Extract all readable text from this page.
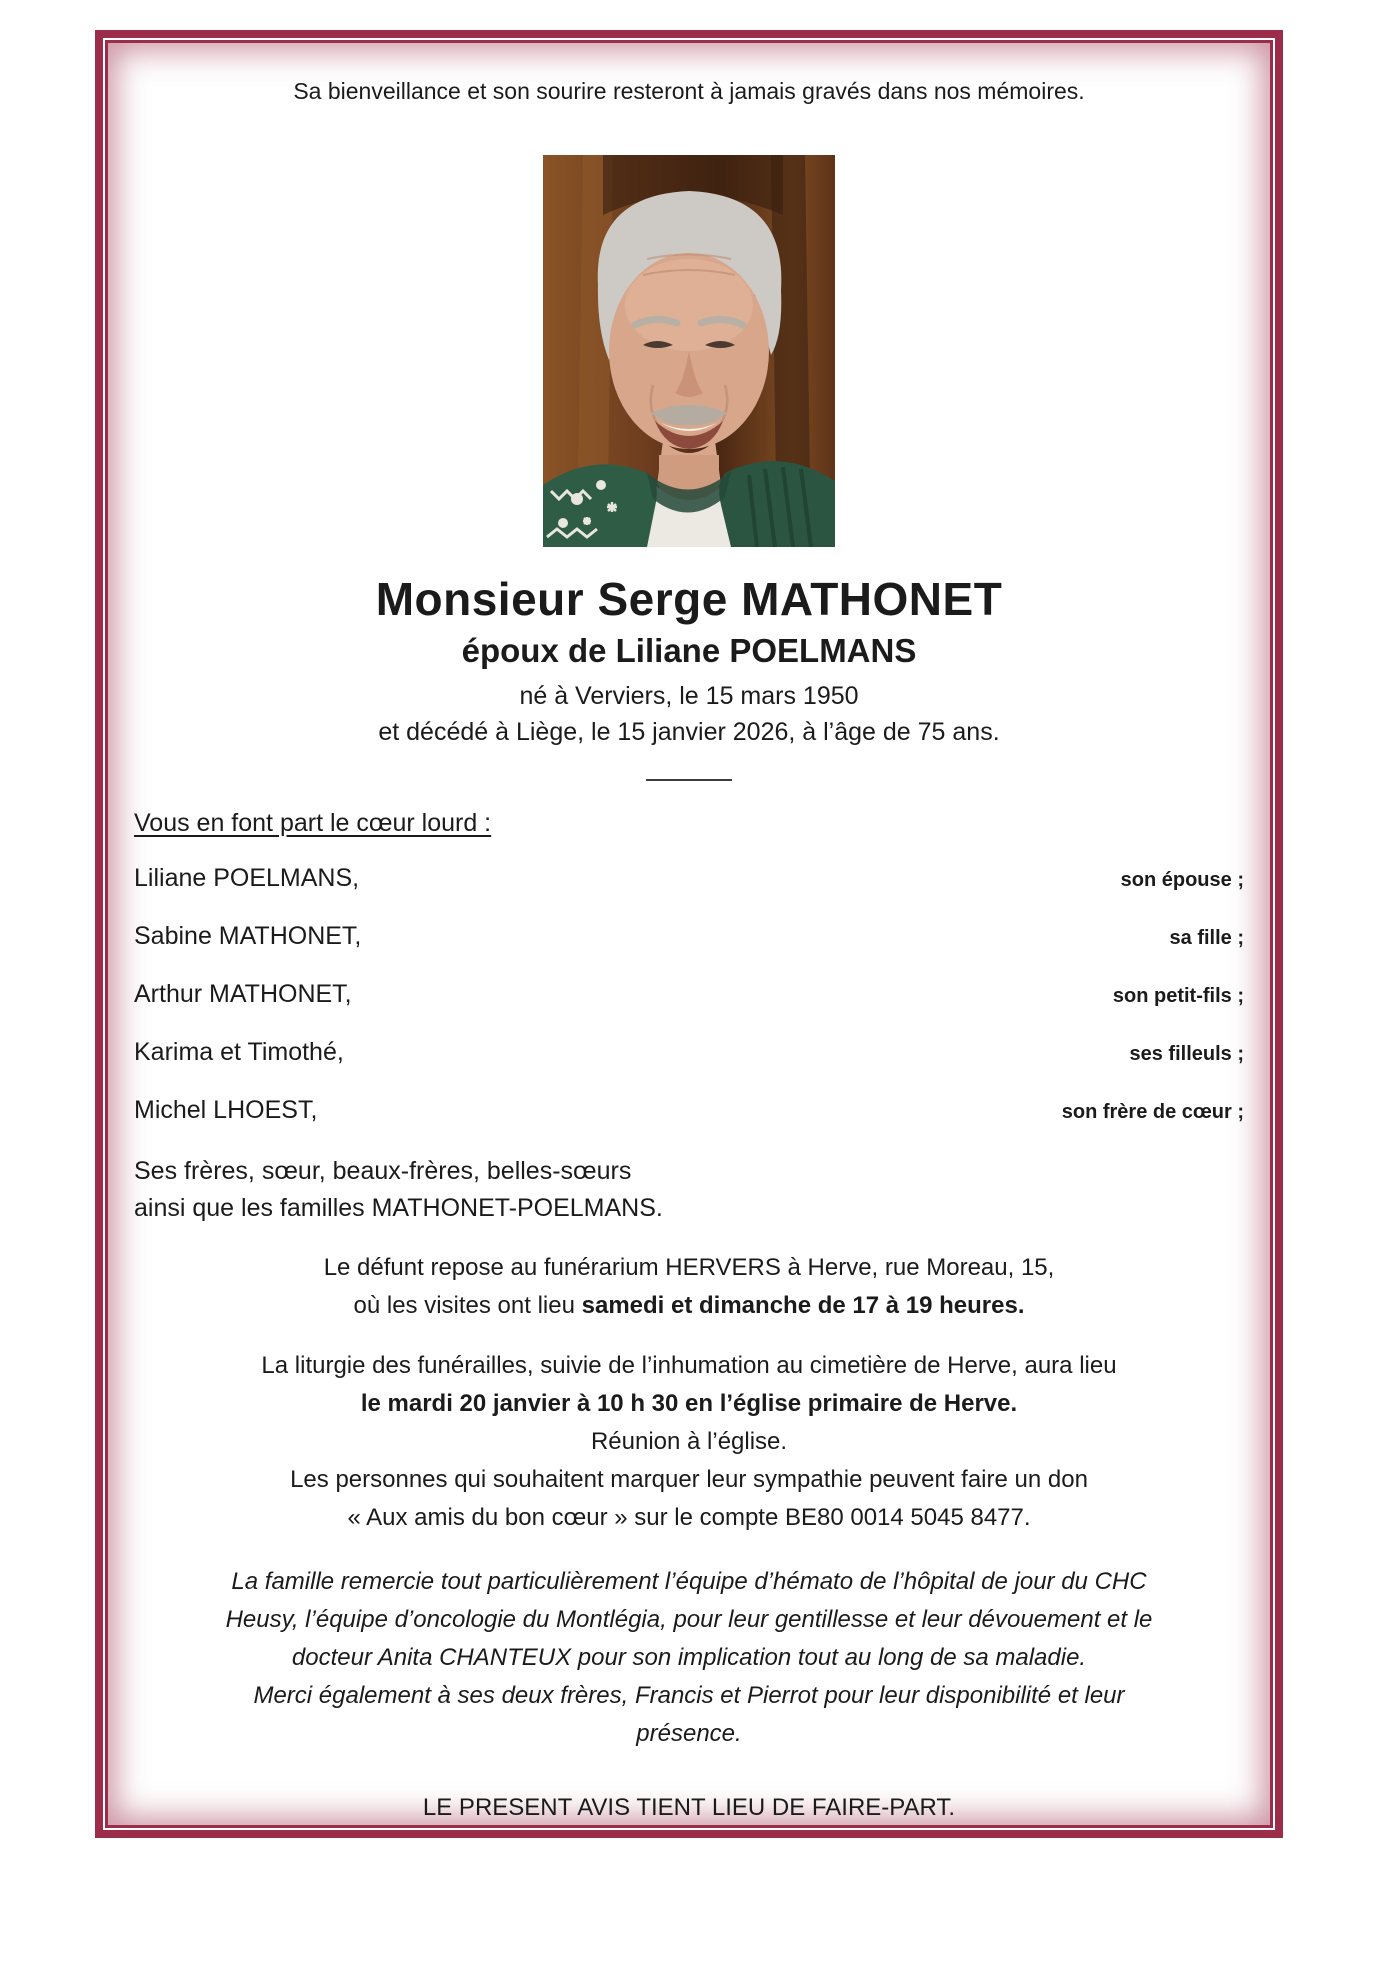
Sa bienveillance et son sourire resteront à jamais gravés dans nos mémoires.

Monsieur Serge MATHONET
époux de Liliane POELMANS

né à Verviers, le 15 mars 1950

et décédé à Liège, le 15 janvier 2026, à l’âge de 75 ans.

Vous en font part le cœur lourd :

Liliane POELMANS,	son épouse ;
Sabine MATHONET,	sa fille ;
Arthur MATHONET,	son petit-fils ;
Karima et Timothé,	ses filleuls ;
Michel LHOEST,	son frère de cœur ;

Ses frères, sœur, beaux-frères, belles-sœurs

ainsi que les familles MATHONET-POELMANS.

Le défunt repose au funérarium HERVERS à Herve, rue Moreau, 15,

où les visites ont lieu samedi et dimanche de 17 à 19 heures.

La liturgie des funérailles, suivie de l’inhumation au cimetière de Herve, aura lieu

le mardi 20 janvier à 10 h 30 en l’église primaire de Herve.

Réunion à l’église.

Les personnes qui souhaitent marquer leur sympathie peuvent faire un don

« Aux amis du bon cœur » sur le compte BE80 0014 5045 8477.

La famille remercie tout particulièrement l’équipe d’hémato de l’hôpital de jour du CHC

Heusy, l’équipe d’oncologie du Montlégia, pour leur gentillesse et leur dévouement et le

docteur Anita CHANTEUX pour son implication tout au long de sa maladie.

Merci également à ses deux frères, Francis et Pierrot pour leur disponibilité et leur

présence.

LE PRESENT AVIS TIENT LIEU DE FAIRE-PART.
